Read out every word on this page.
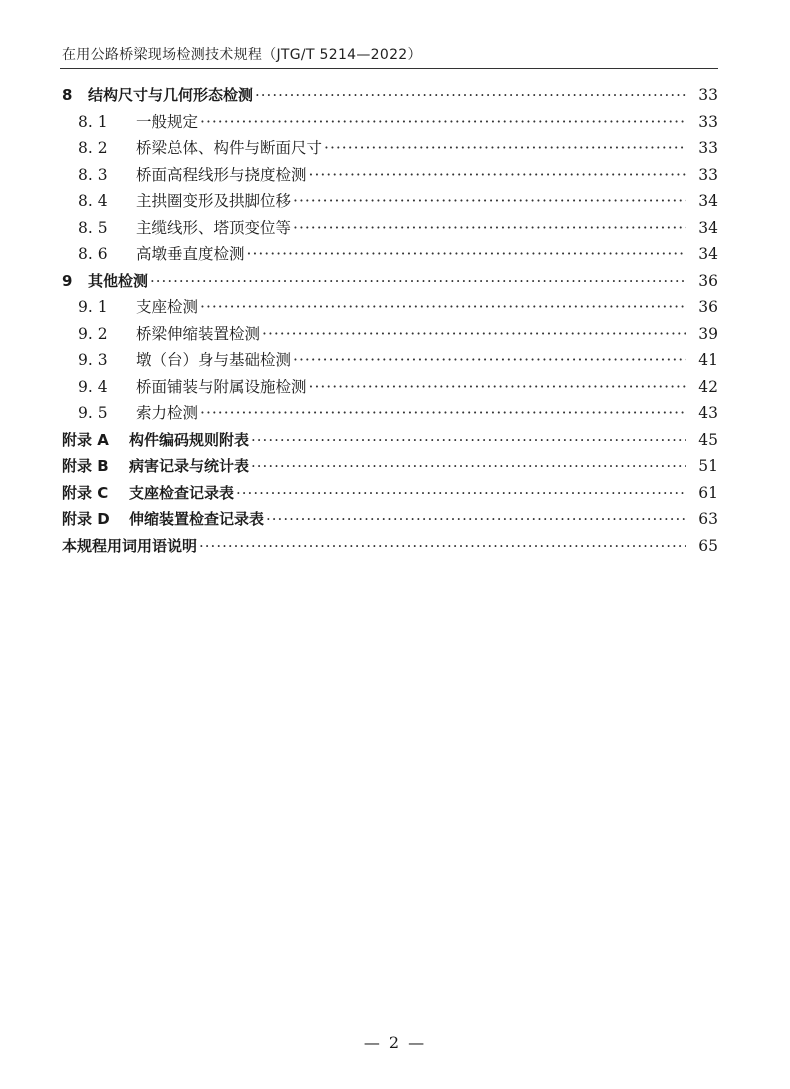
在用公路桥梁现场检测技术规程（JTG/T 5214—2022）
8	结构尺寸与几何形态检测 ·····	33
8. 1	一般规定 ·····	33
8. 2	桥梁总体、构件与断面尺寸 ·····	33
8. 3	桥面高程线形与挠度检测 ·····	33
8. 4	主拱圈变形及拱脚位移 ·····	34
8. 5	主缆线形、塔顶变位等 ·····	34
8. 6	高墩垂直度检测 ·····	34
9	其他检测 ·····	36
9. 1	支座检测 ·····	36
9. 2	桥梁伸缩装置检测 ·····	39
9. 3	墩（台）身与基础检测 ·····	41
9. 4	桥面铺装与附属设施检测 ·····	42
9. 5	索力检测 ·····	43
附录 A	构件编码规则附表 ·····	45
附录 B	病害记录与统计表 ·····	51
附录 C	支座检查记录表 ·····	61
附录 D	伸缩装置检查记录表 ·····	63
本规程用词用语说明 ·····	65
— 2 —
